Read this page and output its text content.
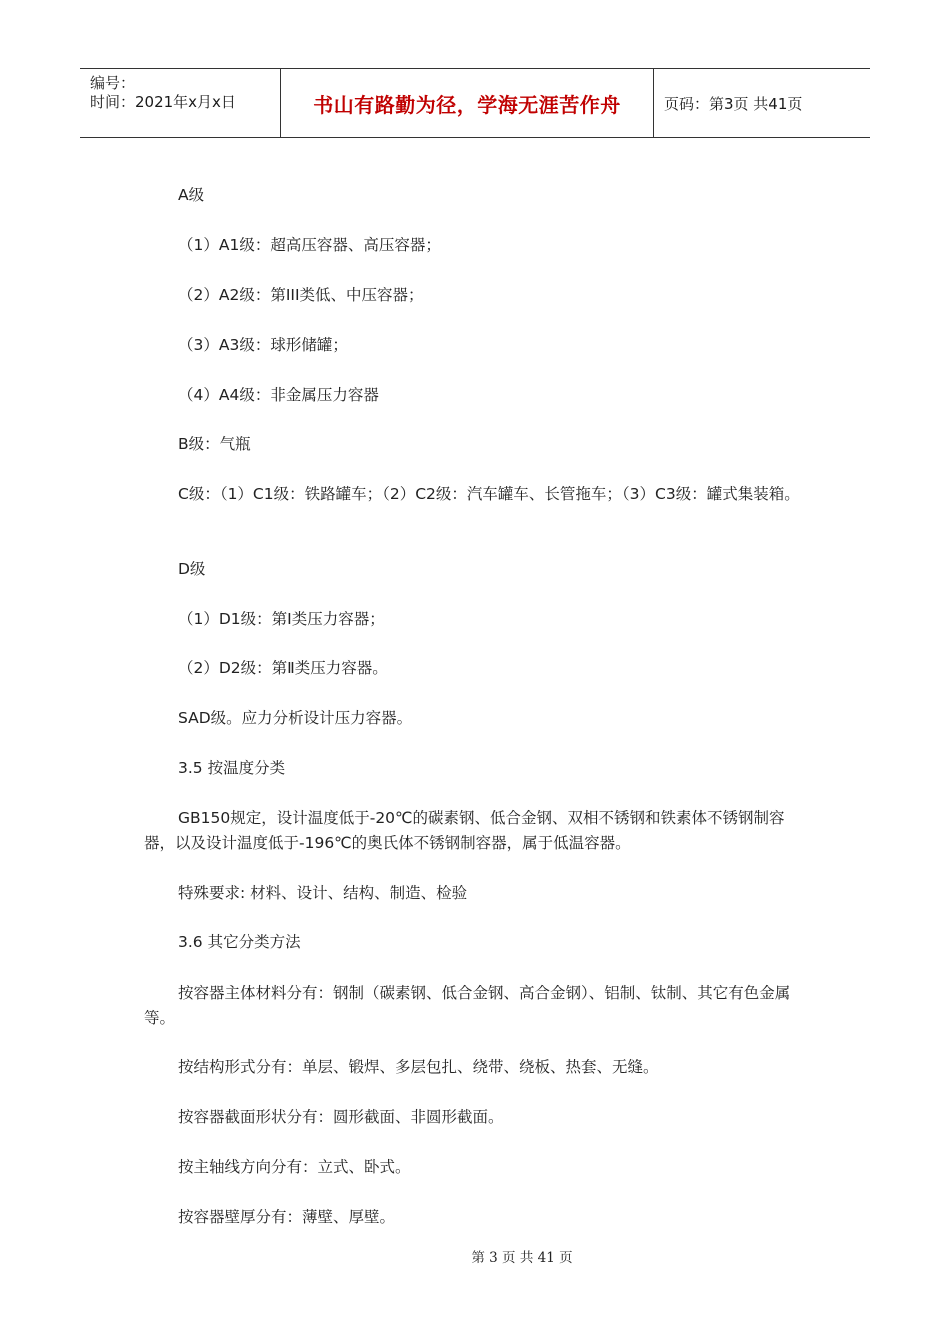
编号：
时间：2021年x月x日	书山有路勤为径，学海无涯苦作舟	页码：第3页 共41页
A级
（1）A1级：超高压容器、高压容器；
（2）A2级：第III类低、中压容器；
（3）A3级：球形储罐；
（4）A4级：非金属压力容器
B级：气瓶
C级：（1）C1级：铁路罐车；（2）C2级：汽车罐车、长管拖车；（3）C3级：罐式集装箱。
D级
（1）D1级：第Ⅰ类压力容器；
（2）D2级：第Ⅱ类压力容器。
SAD级。应力分析设计压力容器。
3.5 按温度分类
GB150规定，设计温度低于-20℃的碳素钢、低合金钢、双相不锈钢和铁素体不锈钢制容器，以及设计温度低于-196℃的奥氏体不锈钢制容器，属于低温容器。
特殊要求: 材料、设计、结构、制造、检验
3.6 其它分类方法
按容器主体材料分有：钢制（碳素钢、低合金钢、高合金钢）、铝制、钛制、其它有色金属等。
按结构形式分有：单层、锻焊、多层包扎、绕带、绕板、热套、无缝。
按容器截面形状分有：圆形截面、非圆形截面。
按主轴线方向分有：立式、卧式。
按容器壁厚分有：薄壁、厚壁。
第 3 页 共 41 页
